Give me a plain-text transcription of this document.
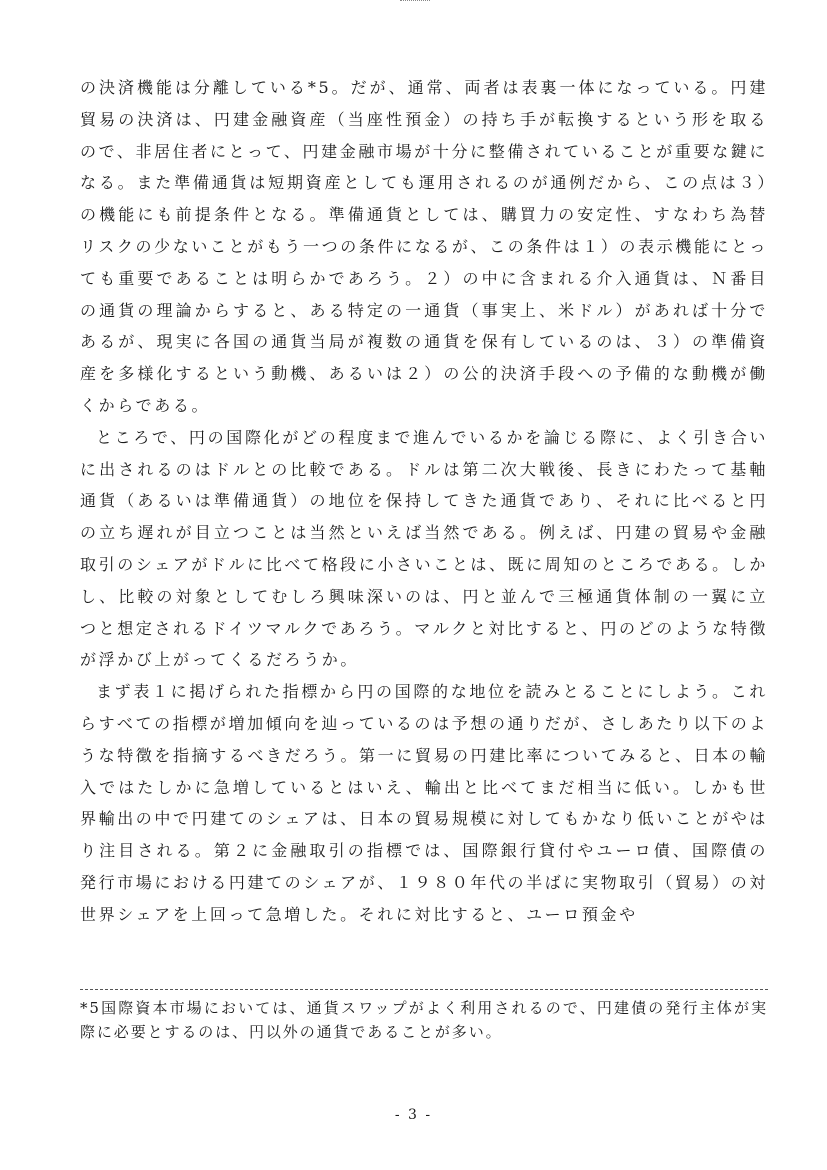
の決済機能は分離している*5。だが、通常、両者は表裏一体になっている。円建貿易の決済は、円建金融資産（当座性預金）の持ち手が転換するという形を取るので、非居住者にとって、円建金融市場が十分に整備されていることが重要な鍵になる。また準備通貨は短期資産としても運用されるのが通例だから、この点は３）の機能にも前提条件となる。準備通貨としては、購買力の安定性、すなわち為替リスクの少ないことがもう一つの条件になるが、この条件は１）の表示機能にとっても重要であることは明らかであろう。２）の中に含まれる介入通貨は、Ｎ番目の通貨の理論からすると、ある特定の一通貨（事実上、米ドル）があれば十分であるが、現実に各国の通貨当局が複数の通貨を保有しているのは、３）の準備資産を多様化するという動機、あるいは２）の公的決済手段への予備的な動機が働くからである。

ところで、円の国際化がどの程度まで進んでいるかを論じる際に、よく引き合いに出されるのはドルとの比較である。ドルは第二次大戦後、長きにわたって基軸通貨（あるいは準備通貨）の地位を保持してきた通貨であり、それに比べると円の立ち遅れが目立つことは当然といえば当然である。例えば、円建の貿易や金融取引のシェアがドルに比べて格段に小さいことは、既に周知のところである。しかし、比較の対象としてむしろ興味深いのは、円と並んで三極通貨体制の一翼に立つと想定されるドイツマルクであろう。マルクと対比すると、円のどのような特徴が浮かび上がってくるだろうか。

まず表１に掲げられた指標から円の国際的な地位を読みとることにしよう。これらすべての指標が増加傾向を辿っているのは予想の通りだが、さしあたり以下のような特徴を指摘するべきだろう。第一に貿易の円建比率についてみると、日本の輸入ではたしかに急増しているとはいえ、輸出と比べてまだ相当に低い。しかも世界輸出の中で円建てのシェアは、日本の貿易規模に対してもかなり低いことがやはり注目される。第２に金融取引の指標では、国際銀行貸付やユーロ債、国際債の発行市場における円建てのシェアが、１９８０年代の半ばに実物取引（貿易）の対世界シェアを上回って急増した。それに対比すると、ユーロ預金や

*5国際資本市場においては、通貨スワップがよく利用されるので、円建債の発行主体が実際に必要とするのは、円以外の通貨であることが多い。

- 3 -
